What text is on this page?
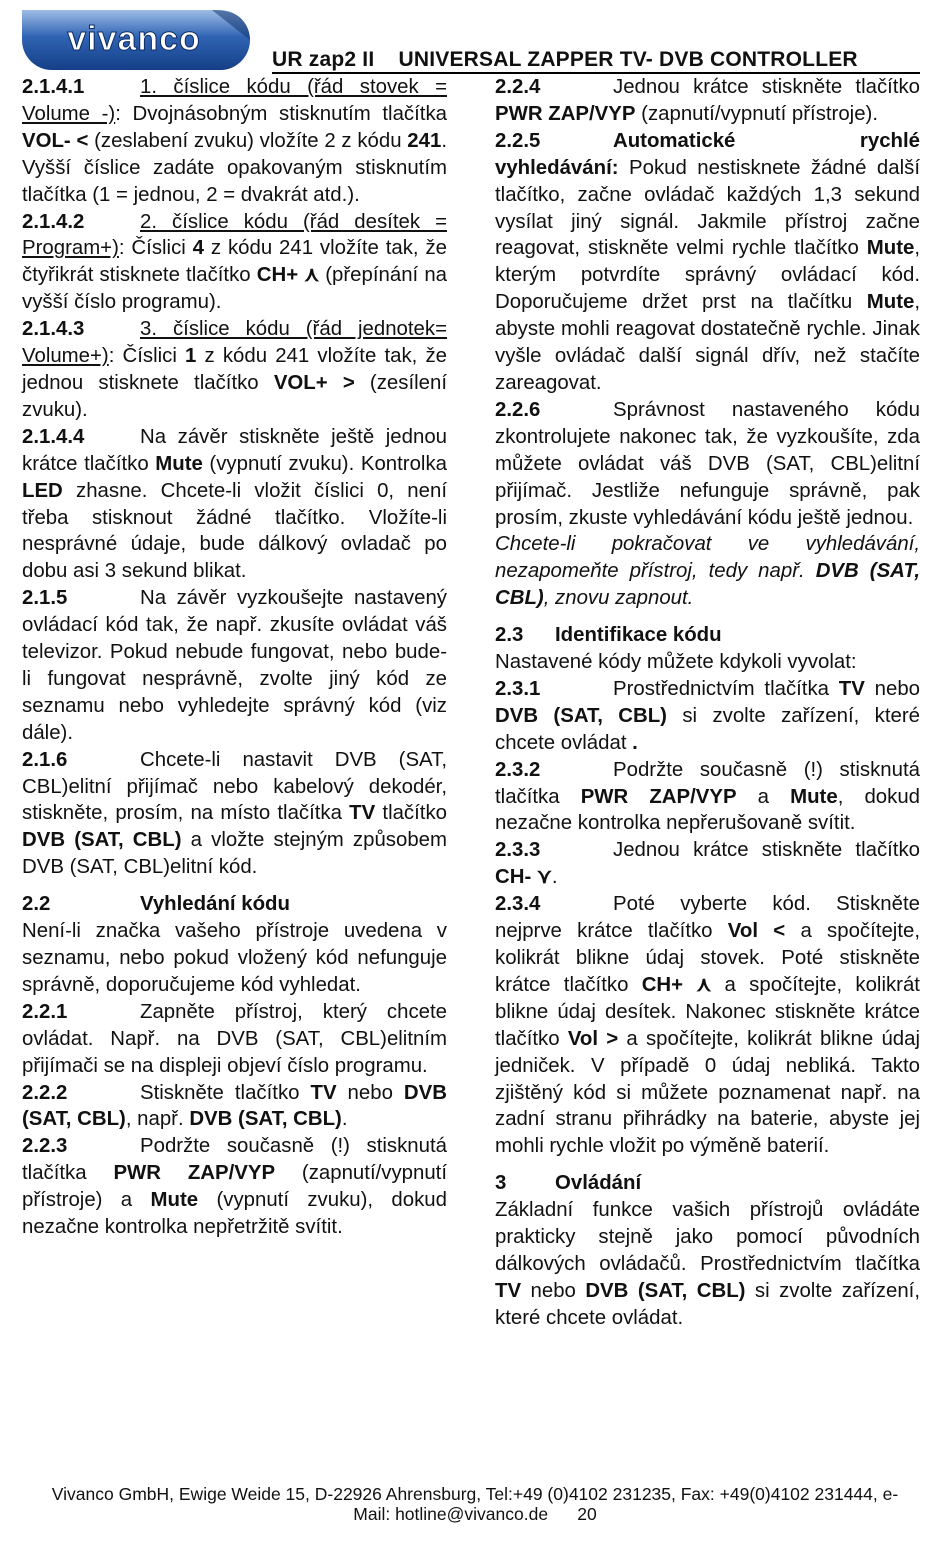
vivanco
UR zap2 II    UNIVERSAL ZAPPER TV- DVB CONTROLLER

2.1.4.1	1. číslice kódu (řád stovek = Volume -): Dvojnásobným stisknutím tlačítka VOL- < (zeslabení zvuku) vložíte 2 z kódu 241. Vyšší číslice zadáte opakovaným stisknutím tlačítka (1 = jednou, 2 = dvakrát atd.).

2.1.4.2	2. číslice kódu (řád desítek = Program+): Číslici 4 z kódu 241 vložíte tak, že čtyřikrát stisknete tlačítko CH+ ⋏ (přepínání na vyšší číslo programu).

2.1.4.3	3. číslice kódu (řád jednotek= Volume+): Číslici 1 z kódu 241 vložíte tak, že jednou stisknete tlačítko VOL+ > (zesílení zvuku).

2.1.4.4	Na závěr stiskněte ještě jednou krátce tlačítko Mute (vypnutí zvuku). Kontrolka LED zhasne. Chcete-li vložit číslici 0, není třeba stisknout žádné tlačítko. Vložíte-li nesprávné údaje, bude dálkový ovladač po dobu asi 3 sekund blikat.

2.1.5	Na závěr vyzkoušejte nastavený ovládací kód tak, že např. zkusíte ovládat váš televizor. Pokud nebude fungovat, nebo bude-li fungovat nesprávně, zvolte jiný kód ze seznamu nebo vyhledejte správný kód (viz dále).

2.1.6	Chcete-li nastavit DVB (SAT, CBL)elitní přijímač nebo kabelový dekodér, stiskněte, prosím, na místo tlačítka TV tlačítko DVB (SAT, CBL) a vložte stejným způsobem DVB (SAT, CBL)elitní kód.

2.2	Vyhledání kódu

Není-li značka vašeho přístroje uvedena v seznamu, nebo pokud vložený kód nefunguje správně, doporučujeme kód vyhledat.

2.2.1	Zapněte přístroj, který chcete ovládat. Např. na DVB (SAT, CBL)elitním přijímači se na displeji objeví číslo programu.

2.2.2	Stiskněte tlačítko TV nebo DVB (SAT, CBL), např. DVB (SAT, CBL).

2.2.3	Podržte současně (!) stisknutá tlačítka PWR ZAP/VYP (zapnutí/vypnutí přístroje) a Mute (vypnutí zvuku), dokud nezačne kontrolka nepřetržitě svítit.

2.2.4	Jednou krátce stiskněte tlačítko PWR ZAP/VYP (zapnutí/vypnutí přístroje).

2.2.5	Automatické rychlé vyhledávání: Pokud nestisknete žádné další tlačítko, začne ovládač každých 1,3 sekund vysílat jiný signál. Jakmile přístroj začne reagovat, stiskněte velmi rychle tlačítko Mute, kterým potvrdíte správný ovládací kód. Doporučujeme držet prst na tlačítku Mute, abyste mohli reagovat dostatečně rychle. Jinak vyšle ovládač další signál dřív, než stačíte zareagovat.

2.2.6	Správnost nastaveného kódu zkontrolujete nakonec tak, že vyzkoušíte, zda můžete ovládat váš DVB (SAT, CBL)elitní přijímač. Jestliže nefunguje správně, pak prosím, zkuste vyhledávání kódu ještě jednou.

Chcete-li pokračovat ve vyhledávání, nezapomeňte přístroj, tedy např. DVB (SAT, CBL), znovu zapnout.

2.3 Identifikace kódu

Nastavené kódy můžete kdykoli vyvolat:

2.3.1	Prostřednictvím tlačítka TV nebo DVB (SAT, CBL) si zvolte zařízení, které chcete ovládat .

2.3.2	Podržte současně (!) stisknutá tlačítka PWR ZAP/VYP a Mute, dokud nezačne kontrolka nepřerušovaně svítit.

2.3.3	Jednou krátce stiskněte tlačítko CH- ⋎.

2.3.4	Poté vyberte kód. Stiskněte nejprve krátce tlačítko Vol < a spočítejte, kolikrát blikne údaj stovek. Poté stiskněte krátce tlačítko CH+ ⋏ a spočítejte, kolikrát blikne údaj desítek. Nakonec stiskněte krátce tlačítko Vol > a spočítejte, kolikrát blikne údaj jedniček. V případě 0 údaj nebliká. Takto zjištěný kód si můžete poznamenat např. na zadní stranu přihrádky na baterie, abyste jej mohli rychle vložit po výměně baterií.

3 Ovládání

Základní funkce vašich přístrojů ovládáte prakticky stejně jako pomocí původních dálkových ovládačů. Prostřednictvím tlačítka TV nebo DVB (SAT, CBL) si zvolte zařízení, které chcete ovládat.

Vivanco GmbH, Ewige Weide 15, D-22926 Ahrensburg, Tel:+49 (0)4102 231235, Fax: +49(0)4102 231444, e-
Mail: hotline@vivanco.de      20
